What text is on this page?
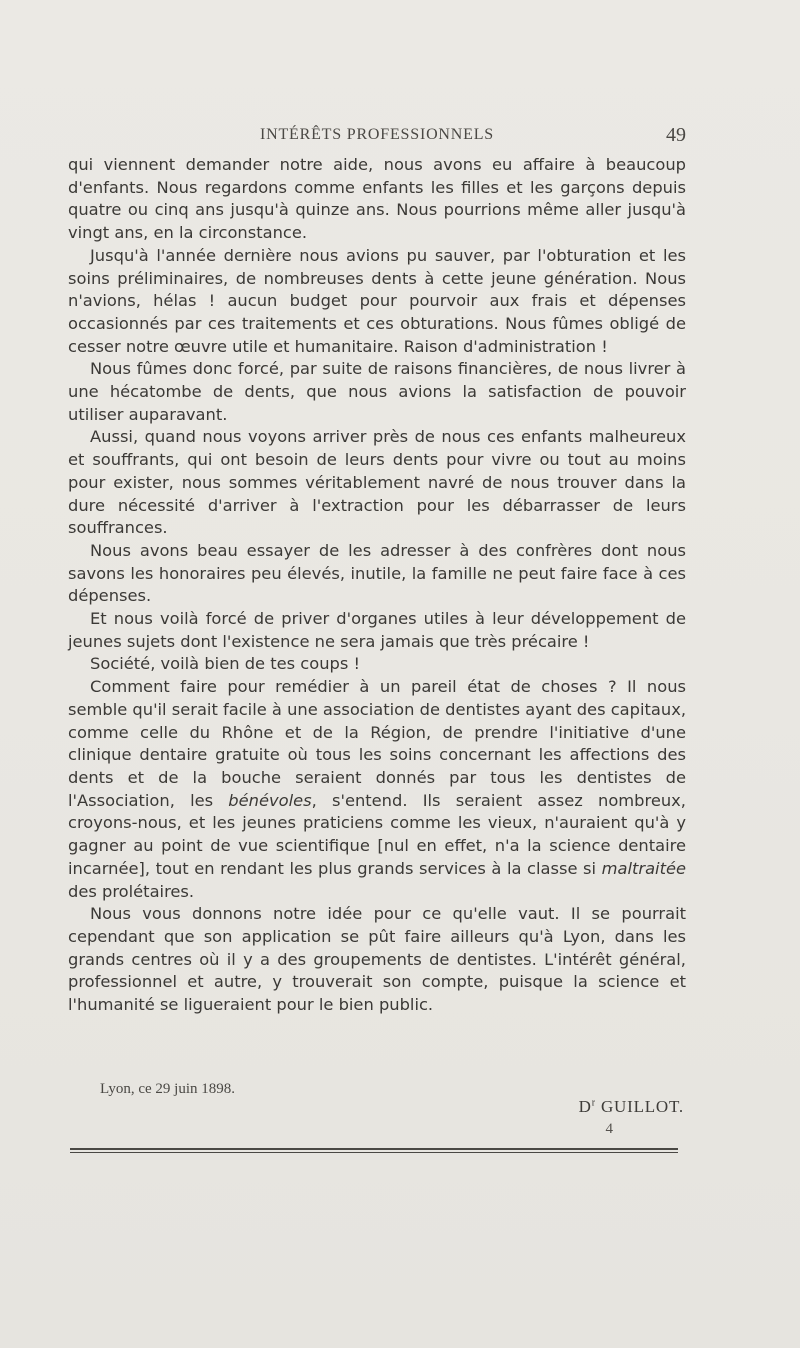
INTÉRÊTS PROFESSIONNELS	49

qui viennent demander notre aide, nous avons eu affaire à beaucoup d'enfants. Nous regardons comme enfants les filles et les garçons depuis quatre ou cinq ans jusqu'à quinze ans. Nous pourrions même aller jusqu'à vingt ans, en la circonstance.

Jusqu'à l'année dernière nous avions pu sauver, par l'obturation et les soins préliminaires, de nombreuses dents à cette jeune génération. Nous n'avions, hélas ! aucun budget pour pourvoir aux frais et dépenses occasionnés par ces traitements et ces obturations. Nous fûmes obligé de cesser notre œuvre utile et humanitaire. Raison d'administration !

Nous fûmes donc forcé, par suite de raisons financières, de nous livrer à une hécatombe de dents, que nous avions la satisfaction de pouvoir utiliser auparavant.

Aussi, quand nous voyons arriver près de nous ces enfants malheureux et souffrants, qui ont besoin de leurs dents pour vivre ou tout au moins pour exister, nous sommes véritablement navré de nous trouver dans la dure nécessité d'arriver à l'extraction pour les débarrasser de leurs souffrances.

Nous avons beau essayer de les adresser à des confrères dont nous savons les honoraires peu élevés, inutile, la famille ne peut faire face à ces dépenses.

Et nous voilà forcé de priver d'organes utiles à leur développement de jeunes sujets dont l'existence ne sera jamais que très précaire !

Société, voilà bien de tes coups !

Comment faire pour remédier à un pareil état de choses ? Il nous semble qu'il serait facile à une association de dentistes ayant des capitaux, comme celle du Rhône et de la Région, de prendre l'initiative d'une clinique dentaire gratuite où tous les soins concernant les affections des dents et de la bouche seraient donnés par tous les dentistes de l'Association, les bénévoles, s'entend. Ils seraient assez nombreux, croyons-nous, et les jeunes praticiens comme les vieux, n'auraient qu'à y gagner au point de vue scientifique [nul en effet, n'a la science dentaire incarnée], tout en rendant les plus grands services à la classe si maltraitée des prolétaires.

Nous vous donnons notre idée pour ce qu'elle vaut. Il se pourrait cependant que son application se pût faire ailleurs qu'à Lyon, dans les grands centres où il y a des groupements de dentistes. L'intérêt général, professionnel et autre, y trouverait son compte, puisque la science et l'humanité se ligueraient pour le bien public.

Lyon, ce 29 juin 1898.
$D^r$ GUILLOT.
4
